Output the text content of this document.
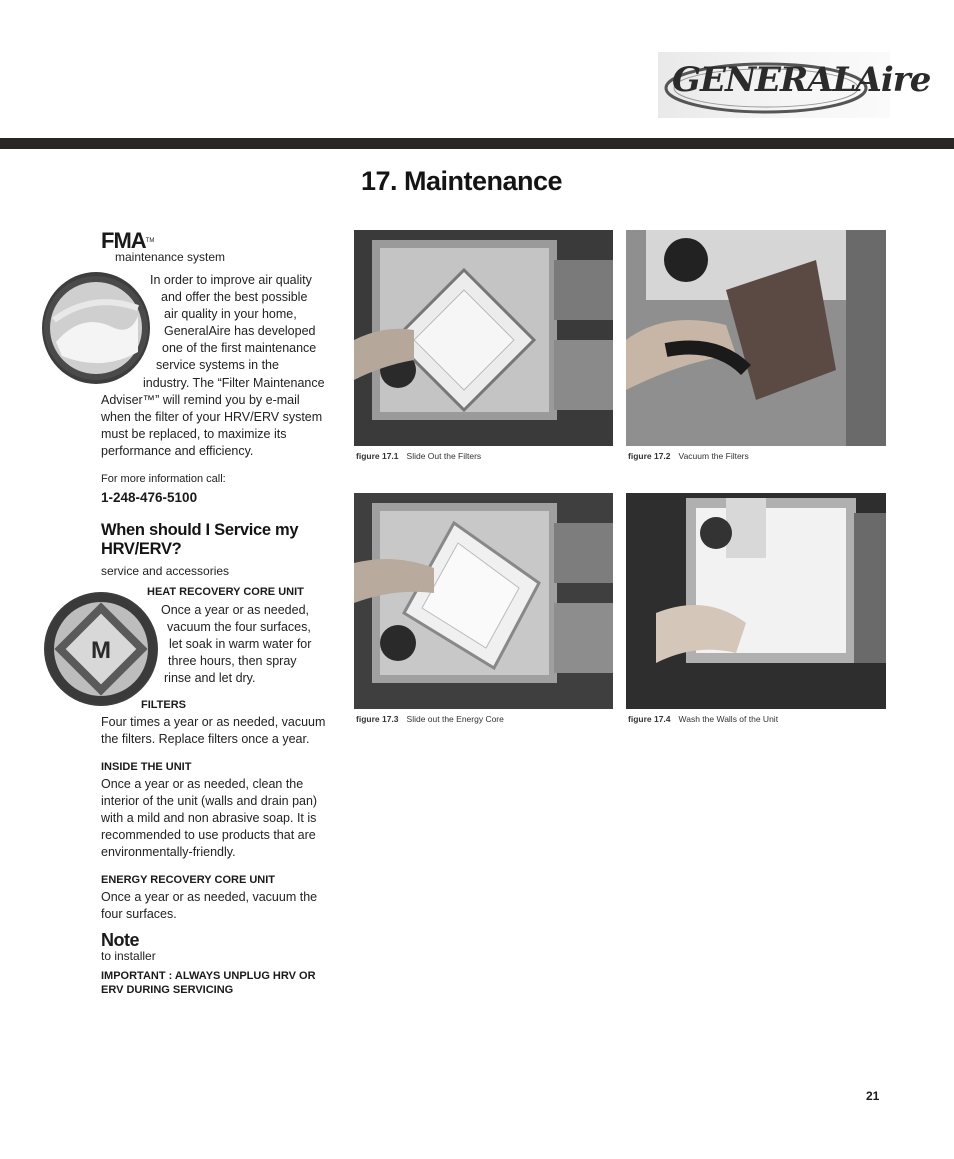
GENERALAire
17. Maintenance
FMA™
maintenance system
In order to improve air quality
and offer the best possible
air quality in your home,
GeneralAire has developed
one of the first maintenance
service systems in the
industry. The “Filter Maintenance
Adviser™” will remind you by e-mail
when the filter of your HRV/ERV system
must be replaced, to maximize its
performance and efficiency.
For more information call:
1-248-476-5100
When should I Service my
HRV/ERV?
service and accessories
M
HEAT RECOVERY CORE UNIT
Once a year or as needed,
vacuum the four surfaces,
let soak in warm water for
three hours, then spray
rinse and let dry.
FILTERS
Four times a year or as needed, vacuum
the filters. Replace filters once a year.
INSIDE THE UNIT
Once a year or as needed, clean the
interior of the unit (walls and drain pan)
with a mild and non abrasive soap. It is
recommended to use products that are
environmentally-friendly.
ENERGY RECOVERY CORE UNIT
Once a year or as needed, vacuum the
four surfaces.
Note
to installer
IMPORTANT : ALWAYS UNPLUG HRV OR
ERV DURING SERVICING
figure 17.1 Slide Out the Filters	figure 17.2 Vacuum the Filters
figure 17.3 Slide out the Energy Core	figure 17.4 Wash the Walls of the Unit
21
